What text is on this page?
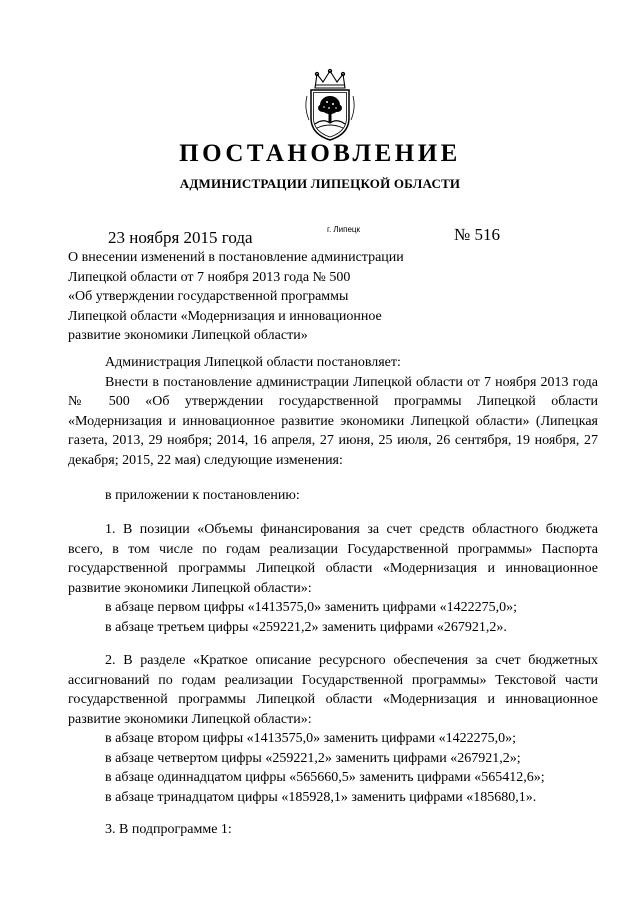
ПОСТАНОВЛЕНИЕ
АДМИНИСТРАЦИИ ЛИПЕЦКОЙ ОБЛАСТИ
23 ноября 2015 года	г. Липецк	№ 516
О внесении изменений в постановление администрации
Липецкой области от 7 ноября 2013 года № 500
«Об утверждении государственной программы
Липецкой области «Модернизация и инновационное
развитие экономики Липецкой области»
Администрация Липецкой области постановляет:
Внести в постановление администрации Липецкой области от 7 ноября 2013 года № 500 «Об утверждении государственной программы Липецкой области «Модернизация и инновационное развитие экономики Липецкой области» (Липецкая газета, 2013, 29 ноября; 2014, 16 апреля, 27 июня, 25 июля, 26 сентября, 19 ноября, 27 декабря; 2015, 22 мая) следующие изменения:
в приложении к постановлению:
1. В позиции «Объемы финансирования за счет средств областного бюджета всего, в том числе по годам реализации Государственной программы» Паспорта государственной программы Липецкой области «Модернизация и инновационное развитие экономики Липецкой области»:
в абзаце первом цифры «1413575,0» заменить цифрами «1422275,0»;
в абзаце третьем цифры «259221,2» заменить цифрами «267921,2».
2. В разделе «Краткое описание ресурсного обеспечения за счет бюджетных ассигнований по годам реализации Государственной программы» Текстовой части государственной программы Липецкой области «Модернизация и инновационное развитие экономики Липецкой области»:
в абзаце втором цифры «1413575,0» заменить цифрами «1422275,0»;
в абзаце четвертом цифры «259221,2» заменить цифрами «267921,2»;
в абзаце одиннадцатом цифры «565660,5» заменить цифрами «565412,6»;
в абзаце тринадцатом цифры «185928,1» заменить цифрами «185680,1».
3. В подпрограмме 1:
